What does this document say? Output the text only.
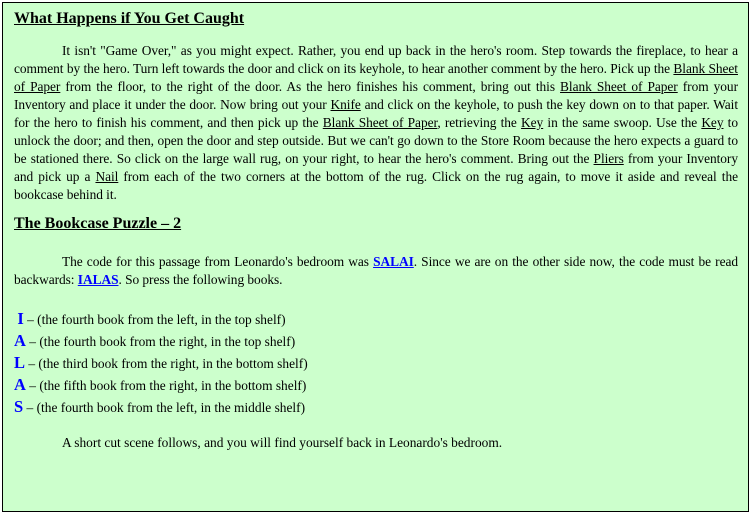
What Happens if You Get Caught

It isn't "Game Over," as you might expect. Rather, you end up back in the hero's room. Step towards the fireplace, to hear a comment by the hero. Turn left towards the door and click on its keyhole, to hear another comment by the hero. Pick up the Blank Sheet of Paper from the floor, to the right of the door. As the hero finishes his comment, bring out this Blank Sheet of Paper from your Inventory and place it under the door. Now bring out your Knife and click on the keyhole, to push the key down on to that paper. Wait for the hero to finish his comment, and then pick up the Blank Sheet of Paper, retrieving the Key in the same swoop. Use the Key to unlock the door; and then, open the door and step outside. But we can't go down to the Store Room because the hero expects a guard to be stationed there. So click on the large wall rug, on your right, to hear the hero's comment. Bring out the Pliers from your Inventory and pick up a Nail from each of the two corners at the bottom of the rug. Click on the rug again, to move it aside and reveal the bookcase behind it.

The Bookcase Puzzle – 2

The code for this passage from Leonardo's bedroom was SALAI. Since we are on the other side now, the code must be read backwards: IALAS. So press the following books.

I – (the fourth book from the left, in the top shelf)
A – (the fourth book from the right, in the top shelf)
L – (the third book from the right, in the bottom shelf)
A – (the fifth book from the right, in the bottom shelf)
S – (the fourth book from the left, in the middle shelf)

A short cut scene follows, and you will find yourself back in Leonardo's bedroom.
